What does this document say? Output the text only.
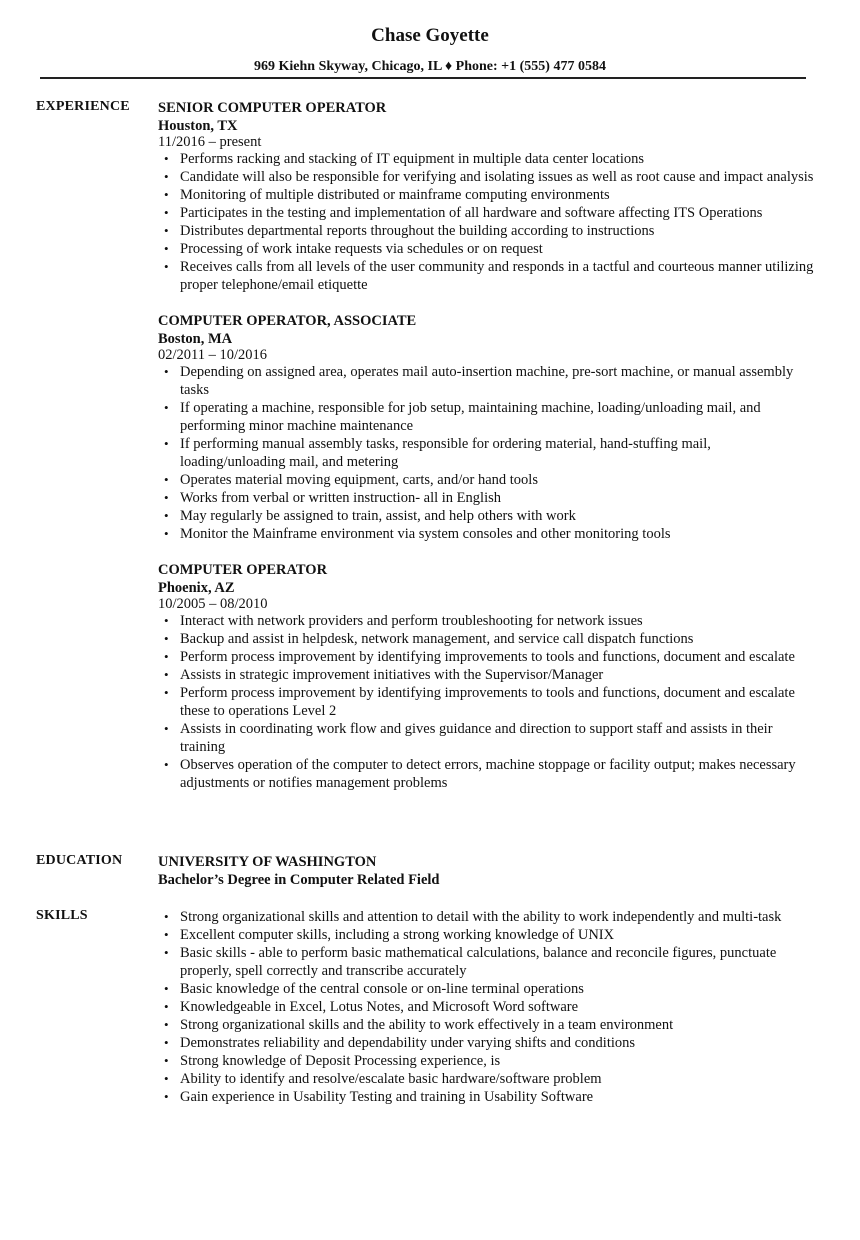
Chase Goyette
969 Kiehn Skyway, Chicago, IL ♦ Phone: +1 (555) 477 0584
EXPERIENCE SENIOR COMPUTER OPERATOR
Houston, TX
11/2016 – present
• Performs racking and stacking of IT equipment in multiple data center locations
• Candidate will also be responsible for verifying and isolating issues as well as root cause and impact analysis
• Monitoring of multiple distributed or mainframe computing environments
• Participates in the testing and implementation of all hardware and software affecting ITS Operations
• Distributes departmental reports throughout the building according to instructions
• Processing of work intake requests via schedules or on request
• Receives calls from all levels of the user community and responds in a tactful and courteous manner utilizing proper telephone/email etiquette
COMPUTER OPERATOR, ASSOCIATE
Boston, MA
02/2011 – 10/2016
• Depending on assigned area, operates mail auto-insertion machine, pre-sort machine, or manual assembly tasks
• If operating a machine, responsible for job setup, maintaining machine, loading/unloading mail, and performing minor machine maintenance
• If performing manual assembly tasks, responsible for ordering material, hand-stuffing mail, loading/unloading mail, and metering
• Operates material moving equipment, carts, and/or hand tools
• Works from verbal or written instruction- all in English
• May regularly be assigned to train, assist, and help others with work
• Monitor the Mainframe environment via system consoles and other monitoring tools
COMPUTER OPERATOR
Phoenix, AZ
10/2005 – 08/2010
• Interact with network providers and perform troubleshooting for network issues
• Backup and assist in helpdesk, network management, and service call dispatch functions
• Perform process improvement by identifying improvements to tools and functions, document and escalate
• Assists in strategic improvement initiatives with the Supervisor/Manager
• Perform process improvement by identifying improvements to tools and functions, document and escalate these to operations Level 2
• Assists in coordinating work flow and gives guidance and direction to support staff and assists in their training
• Observes operation of the computer to detect errors, machine stoppage or facility output; makes necessary adjustments or notifies management problems
EDUCATION UNIVERSITY OF WASHINGTON
Bachelor’s Degree in Computer Related Field
SKILLS	• Strong organizational skills and attention to detail with the ability to work independently and multi-task
• Excellent computer skills, including a strong working knowledge of UNIX
• Basic skills - able to perform basic mathematical calculations, balance and reconcile figures, punctuate properly, spell correctly and transcribe accurately
• Basic knowledge of the central console or on-line terminal operations
• Knowledgeable in Excel, Lotus Notes, and Microsoft Word software
• Strong organizational skills and the ability to work effectively in a team environment
• Demonstrates reliability and dependability under varying shifts and conditions
• Strong knowledge of Deposit Processing experience, is
• Ability to identify and resolve/escalate basic hardware/software problem
• Gain experience in Usability Testing and training in Usability Software
